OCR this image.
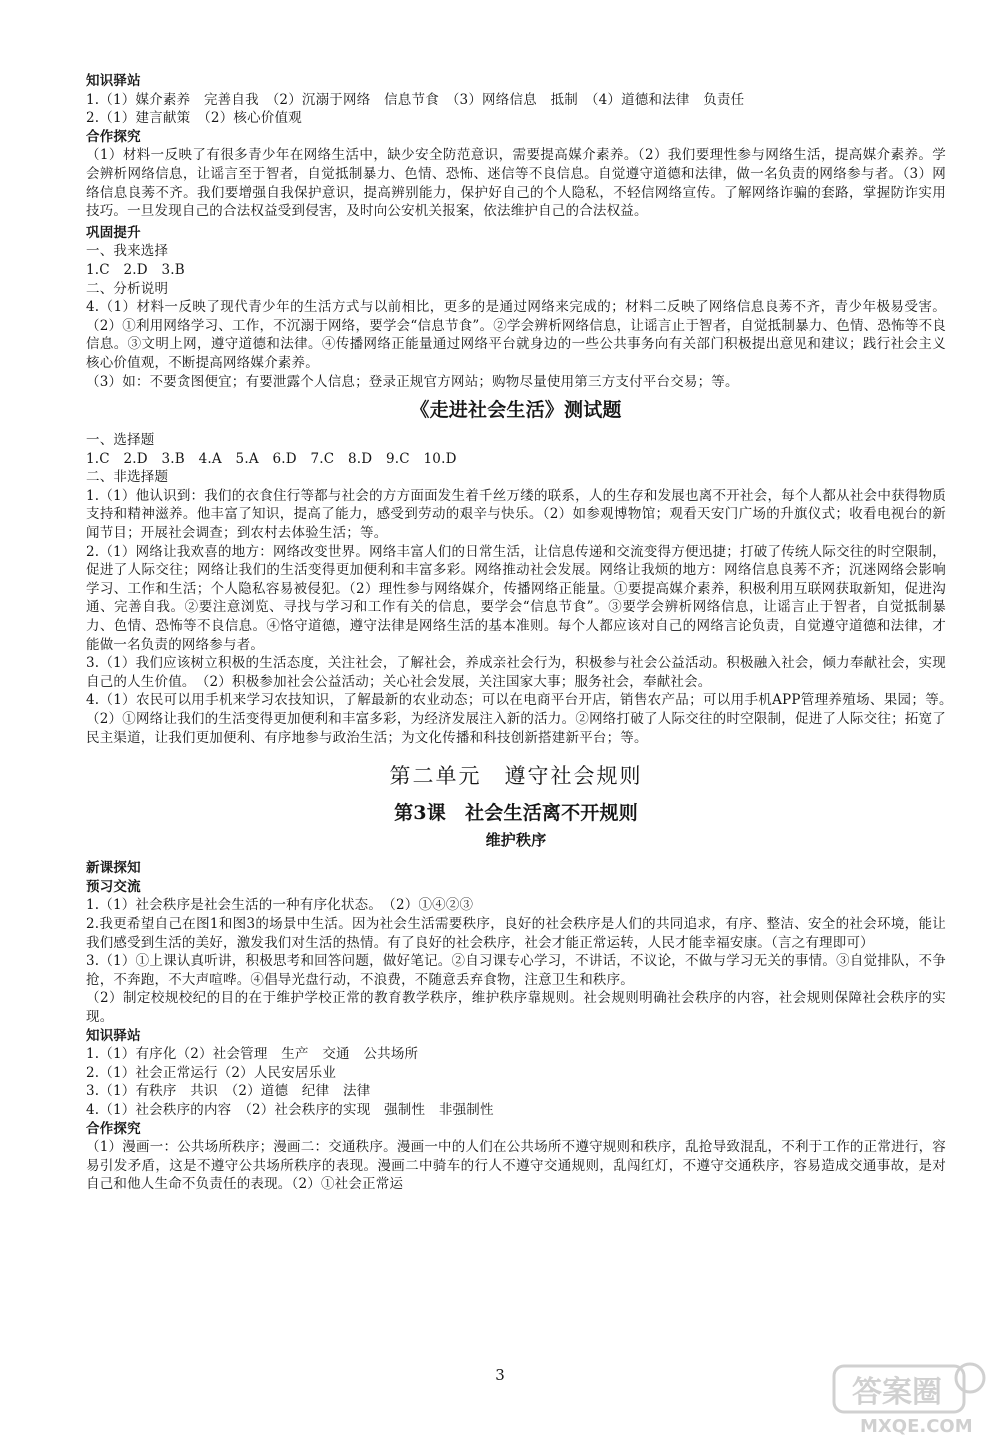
知识驿站

1.（1）媒介素养　完善自我　（2）沉溺于网络　信息节食　（3）网络信息　抵制　（4）道德和法律　负责任

2.（1）建言献策　（2）核心价值观

合作探究

（1）材料一反映了有很多青少年在网络生活中，缺少安全防范意识，需要提高媒介素养。（2）我们要理性参与网络生活，提高媒介素养。学会辨析网络信息，让谣言至于智者，自觉抵制暴力、色情、恐怖、迷信等不良信息。自觉遵守道德和法律，做一名负责的网络参与者。（3）网络信息良莠不齐。我们要增强自我保护意识，提高辨别能力，保护好自己的个人隐私，不轻信网络宣传。了解网络诈骗的套路，掌握防诈实用技巧。一旦发现自己的合法权益受到侵害，及时向公安机关报案，依法维护自己的合法权益。

巩固提升

一、我来选择

1.C　2.D　3.B

二、分析说明

4.（1）材料一反映了现代青少年的生活方式与以前相比，更多的是通过网络来完成的；材料二反映了网络信息良莠不齐，青少年极易受害。（2）①利用网络学习、工作，不沉溺于网络，要学会“信息节食”。②学会辨析网络信息，让谣言止于智者，自觉抵制暴力、色情、恐怖等不良信息。③文明上网，遵守道德和法律。④传播网络正能量通过网络平台就身边的一些公共事务向有关部门积极提出意见和建议；践行社会主义核心价值观，不断提高网络媒介素养。

（3）如：不要贪图便宜；有要泄露个人信息；登录正规官方网站；购物尽量使用第三方支付平台交易；等。

《走进社会生活》测试题

一、选择题

1.C　2.D　3.B　4.A　5.A　6.D　7.C　8.D　9.C　10.D

二、非选择题

1.（1）他认识到：我们的衣食住行等都与社会的方方面面发生着千丝万缕的联系，人的生存和发展也离不开社会，每个人都从社会中获得物质支持和精神滋养。他丰富了知识，提高了能力，感受到劳动的艰辛与快乐。（2）如参观博物馆；观看天安门广场的升旗仪式；收看电视台的新闻节目；开展社会调查；到农村去体验生活；等。

2.（1）网络让我欢喜的地方：网络改变世界。网络丰富人们的日常生活，让信息传递和交流变得方便迅捷；打破了传统人际交往的时空限制，促进了人际交往；网络让我们的生活变得更加便利和丰富多彩。网络推动社会发展。网络让我烦的地方：网络信息良莠不齐；沉迷网络会影响学习、工作和生活；个人隐私容易被侵犯。（2）理性参与网络媒介，传播网络正能量。①要提高媒介素养，积极利用互联网获取新知，促进沟通、完善自我。②要注意浏览、寻找与学习和工作有关的信息，要学会“信息节食”。③要学会辨析网络信息，让谣言止于智者，自觉抵制暴力、色情、恐怖等不良信息。④恪守道德，遵守法律是网络生活的基本准则。每个人都应该对自己的网络言论负责，自觉遵守道德和法律，才能做一名负责的网络参与者。

3.（1）我们应该树立积极的生活态度，关注社会，了解社会，养成亲社会行为，积极参与社会公益活动。积极融入社会，倾力奉献社会，实现自己的人生价值。　（2）积极参加社会公益活动；关心社会发展，关注国家大事；服务社会，奉献社会。

4.（1）农民可以用手机来学习农技知识，了解最新的农业动态；可以在电商平台开店，销售农产品；可以用手机APP管理养殖场、果园；等。　（2）①网络让我们的生活变得更加便利和丰富多彩，为经济发展注入新的活力。②网络打破了人际交往的时空限制，促进了人际交往；拓宽了民主渠道，让我们更加便利、有序地参与政治生活；为文化传播和科技创新搭建新平台；等。

第二单元　遵守社会规则
第3课　社会生活离不开规则
维护秩序
新课探知
预习交流

1.（1）社会秩序是社会生活的一种有序化状态。　（2）①④②③

2.我更希望自己在图1和图3的场景中生活。因为社会生活需要秩序，良好的社会秩序是人们的共同追求，有序、整洁、安全的社会环境，能让我们感受到生活的美好，激发我们对生活的热情。有了良好的社会秩序，社会才能正常运转，人民才能幸福安康。（言之有理即可）

3.（1）①上课认真听讲，积极思考和回答问题，做好笔记。②自习课专心学习，不讲话，不议论，不做与学习无关的事情。③自觉排队，不争抢，不奔跑，不大声喧哗。④倡导光盘行动，不浪费，不随意丢弃食物，注意卫生和秩序。

（2）制定校规校纪的目的在于维护学校正常的教育教学秩序，维护秩序靠规则。社会规则明确社会秩序的内容，社会规则保障社会秩序的实现。

知识驿站

1.（1）有序化（2）社会管理　生产　交通　公共场所

2.（1）社会正常运行（2）人民安居乐业

3.（1）有秩序　共识　（2）道德　纪律　法律

4.（1）社会秩序的内容　（2）社会秩序的实现　强制性　非强制性

合作探究

（1）漫画一：公共场所秩序；漫画二：交通秩序。漫画一中的人们在公共场所不遵守规则和秩序，乱抢导致混乱，不利于工作的正常进行，容易引发矛盾，这是不遵守公共场所秩序的表现。漫画二中骑车的行人不遵守交通规则，乱闯红灯，不遵守交通秩序，容易造成交通事故，是对自己和他人生命不负责任的表现。（2）①社会正常运

3	答案圈
MXQE.COM
